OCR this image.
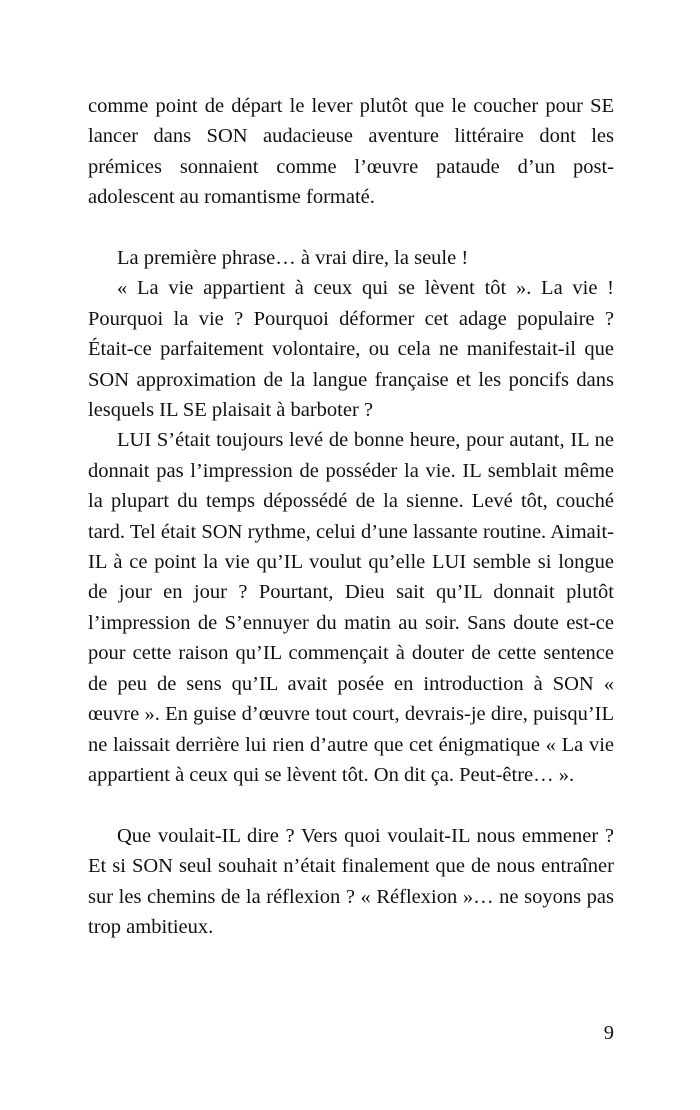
comme point de départ le lever plutôt que le coucher pour SE lancer dans SON audacieuse aventure littéraire dont les prémices sonnaient comme l’œuvre pataude d’un post-adolescent au romantisme formaté.

La première phrase… à vrai dire, la seule !

« La vie appartient à ceux qui se lèvent tôt ». La vie ! Pourquoi la vie ? Pourquoi déformer cet adage populaire ? Était-ce parfaitement volontaire, ou cela ne manifestait-il que SON approximation de la langue française et les poncifs dans lesquels IL SE plaisait à barboter ?

LUI S’était toujours levé de bonne heure, pour autant, IL ne donnait pas l’impression de posséder la vie. IL semblait même la plupart du temps dépossédé de la sienne. Levé tôt, couché tard. Tel était SON rythme, celui d’une lassante routine. Aimait-IL à ce point la vie qu’IL voulut qu’elle LUI semble si longue de jour en jour ? Pourtant, Dieu sait qu’IL donnait plutôt l’impression de S’ennuyer du matin au soir. Sans doute est-ce pour cette raison qu’IL commençait à douter de cette sentence de peu de sens qu’IL avait posée en introduction à SON « œuvre ». En guise d’œuvre tout court, devrais-je dire, puisqu’IL ne laissait derrière lui rien d’autre que cet énigmatique « La vie appartient à ceux qui se lèvent tôt. On dit ça. Peut-être… ».

Que voulait-IL dire ? Vers quoi voulait-IL nous emmener ? Et si SON seul souhait n’était finalement que de nous entraîner sur les chemins de la réflexion ? « Réflexion »… ne soyons pas trop ambitieux.

9
